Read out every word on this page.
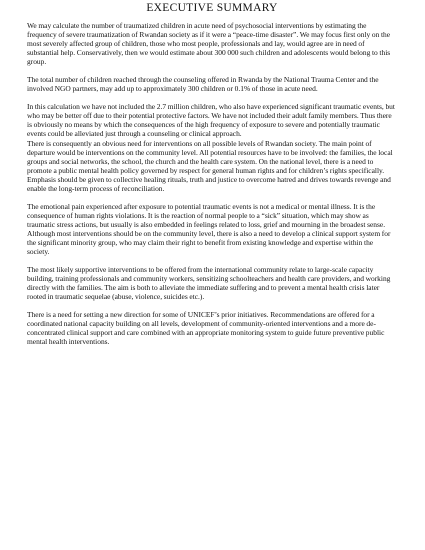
EXECUTIVE SUMMARY

We may calculate the number of traumatized children in acute need of psychosocial interventions by estimating the frequency of severe traumatization of Rwandan society as if it were a “peace-time disaster”. We may focus first only on the most severely affected group of children, those who most people, professionals and lay, would agree are in need of substantial help. Conservatively, then we would estimate about 300 000 such children and adolescents would belong to this group.

The total number of children reached through the counseling offered in Rwanda by the National Trauma Center and the involved NGO partners, may add up to approximately 300 children or 0.1% of those in acute need.

In this calculation we have not included the 2.7 million children, who also have experienced significant traumatic events, but who may be better off due to their potential protective factors. We have not included their adult family members. Thus there is obviously no means by which the consequences of the high frequency of exposure to severe and potentially traumatic events could be alleviated just through a counseling or clinical approach.

There is consequently an obvious need for interventions on all possible levels of Rwandan society. The main point of departure would be interventions on the community level. All potential resources have to be involved: the families, the local groups and social networks, the school, the church and the health care system. On the national level, there is a need to promote a public mental health policy governed by respect for general human rights and for children’s rights specifically. Emphasis should be given to collective healing rituals, truth and justice to overcome hatred and drives towards revenge and enable the long-term process of reconciliation.

The emotional pain experienced after exposure to potential traumatic events is not a medical or mental illness. It is the consequence of human rights violations. It is the reaction of normal people to a “sick” situation, which may show as traumatic stress actions, but usually is also embedded in feelings related to loss, grief and mourning in the broadest sense. Although most interventions should be on the community level, there is also a need to develop a clinical support system for the significant minority group, who may claim their right to benefit from existing knowledge and expertise within the society.

The most likely supportive interventions to be offered from the international community relate to large-scale capacity building, training professionals and community workers, sensitizing schoolteachers and health care providers, and working directly with the families. The aim is both to alleviate the immediate suffering and to prevent a mental health crisis later rooted in traumatic sequelae (abuse, violence, suicides etc.).

There is a need for setting a new direction for some of UNICEF’s prior initiatives. Recommendations are offered for a coordinated national capacity building on all levels, development of community-oriented interventions and a more de-concentrated clinical support and care combined with an appropriate monitoring system to guide future preventive public mental health interventions.
